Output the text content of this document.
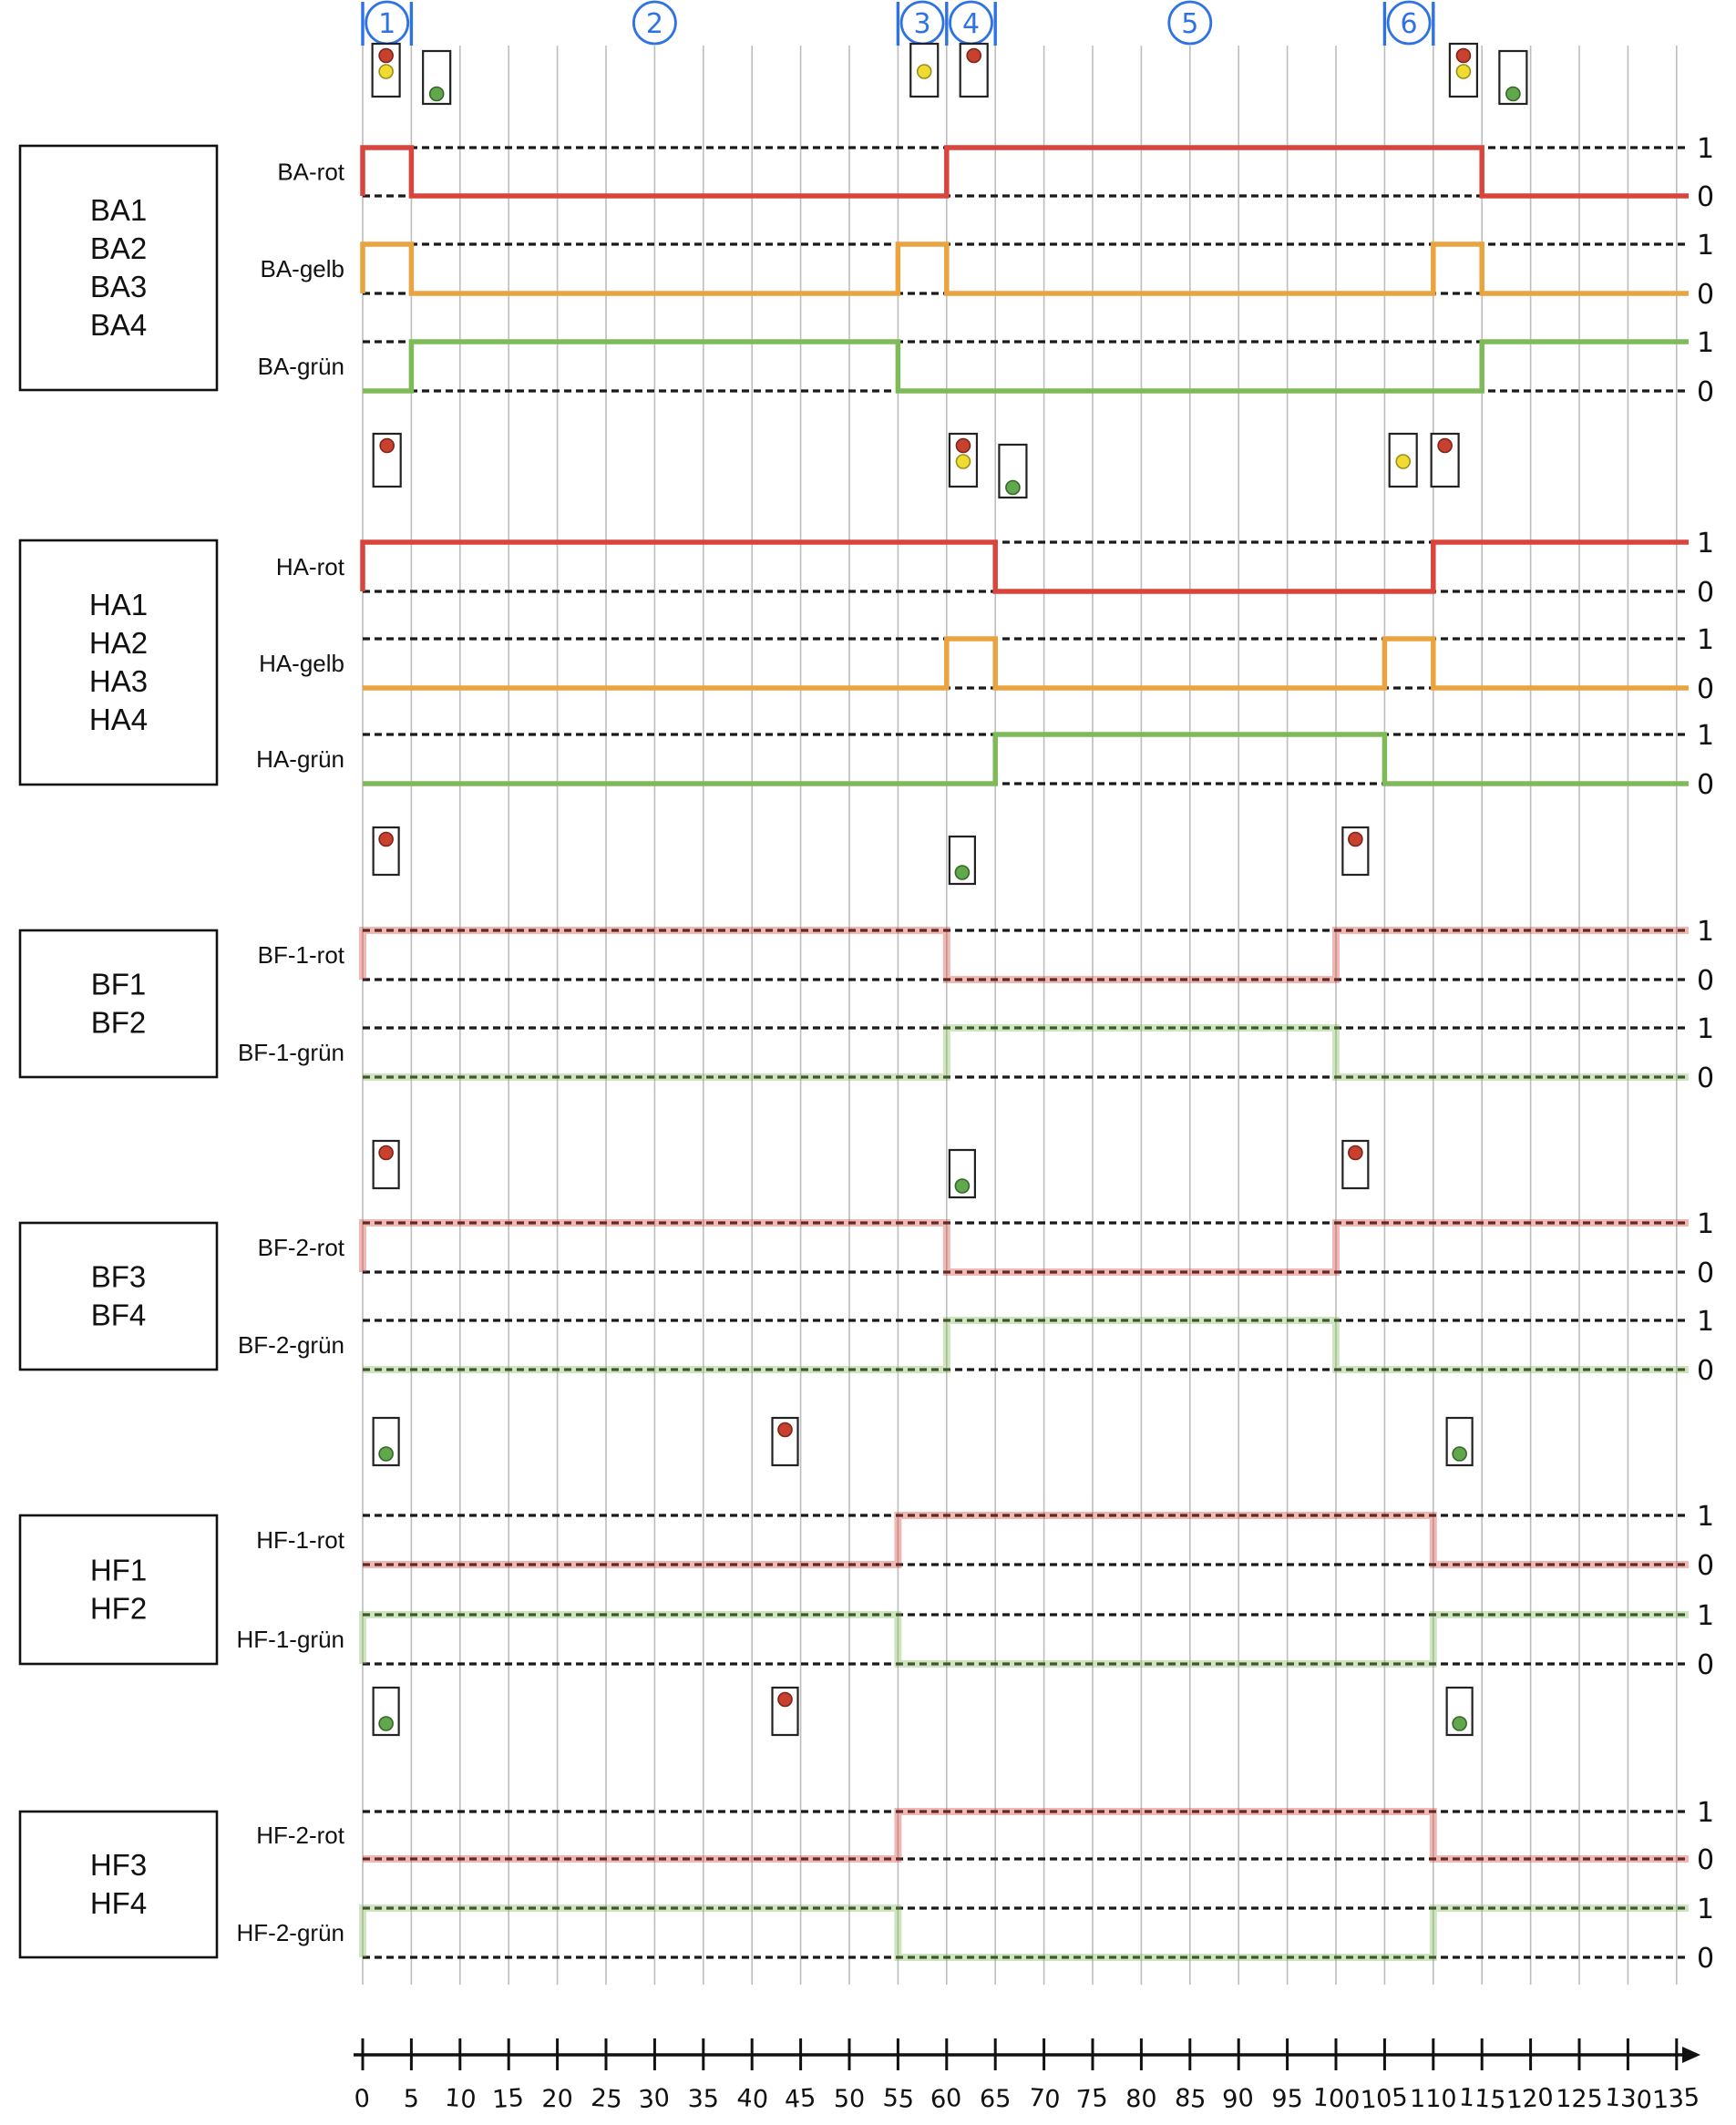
1	2	3 4	5	6
1
0
BA-rot
1
0
BA-gelb
1
0
BA-grün
BA1 BA2 BA3 BA4
1
0
HA-rot
1
0
HA-gelb
1
0
HA-grün
HA1 HA2 HA3 HA4
1
0
BF-1-rot
1
0
BF-1-grün
BF1 BF2
1
0
BF-2-rot
1
0
BF-2-grün
BF3 BF4
1
0
HF-1-rot
1
0
HF-1-grün
HF1 HF2
1
0
HF-2-rot
1
0
HF-2-grün
HF3 HF4
0 5 10 15 20 25 30 35 40 45 50 55 60 65 70 75 80 85 90 95 100
105 110 115
120 125 130
135
